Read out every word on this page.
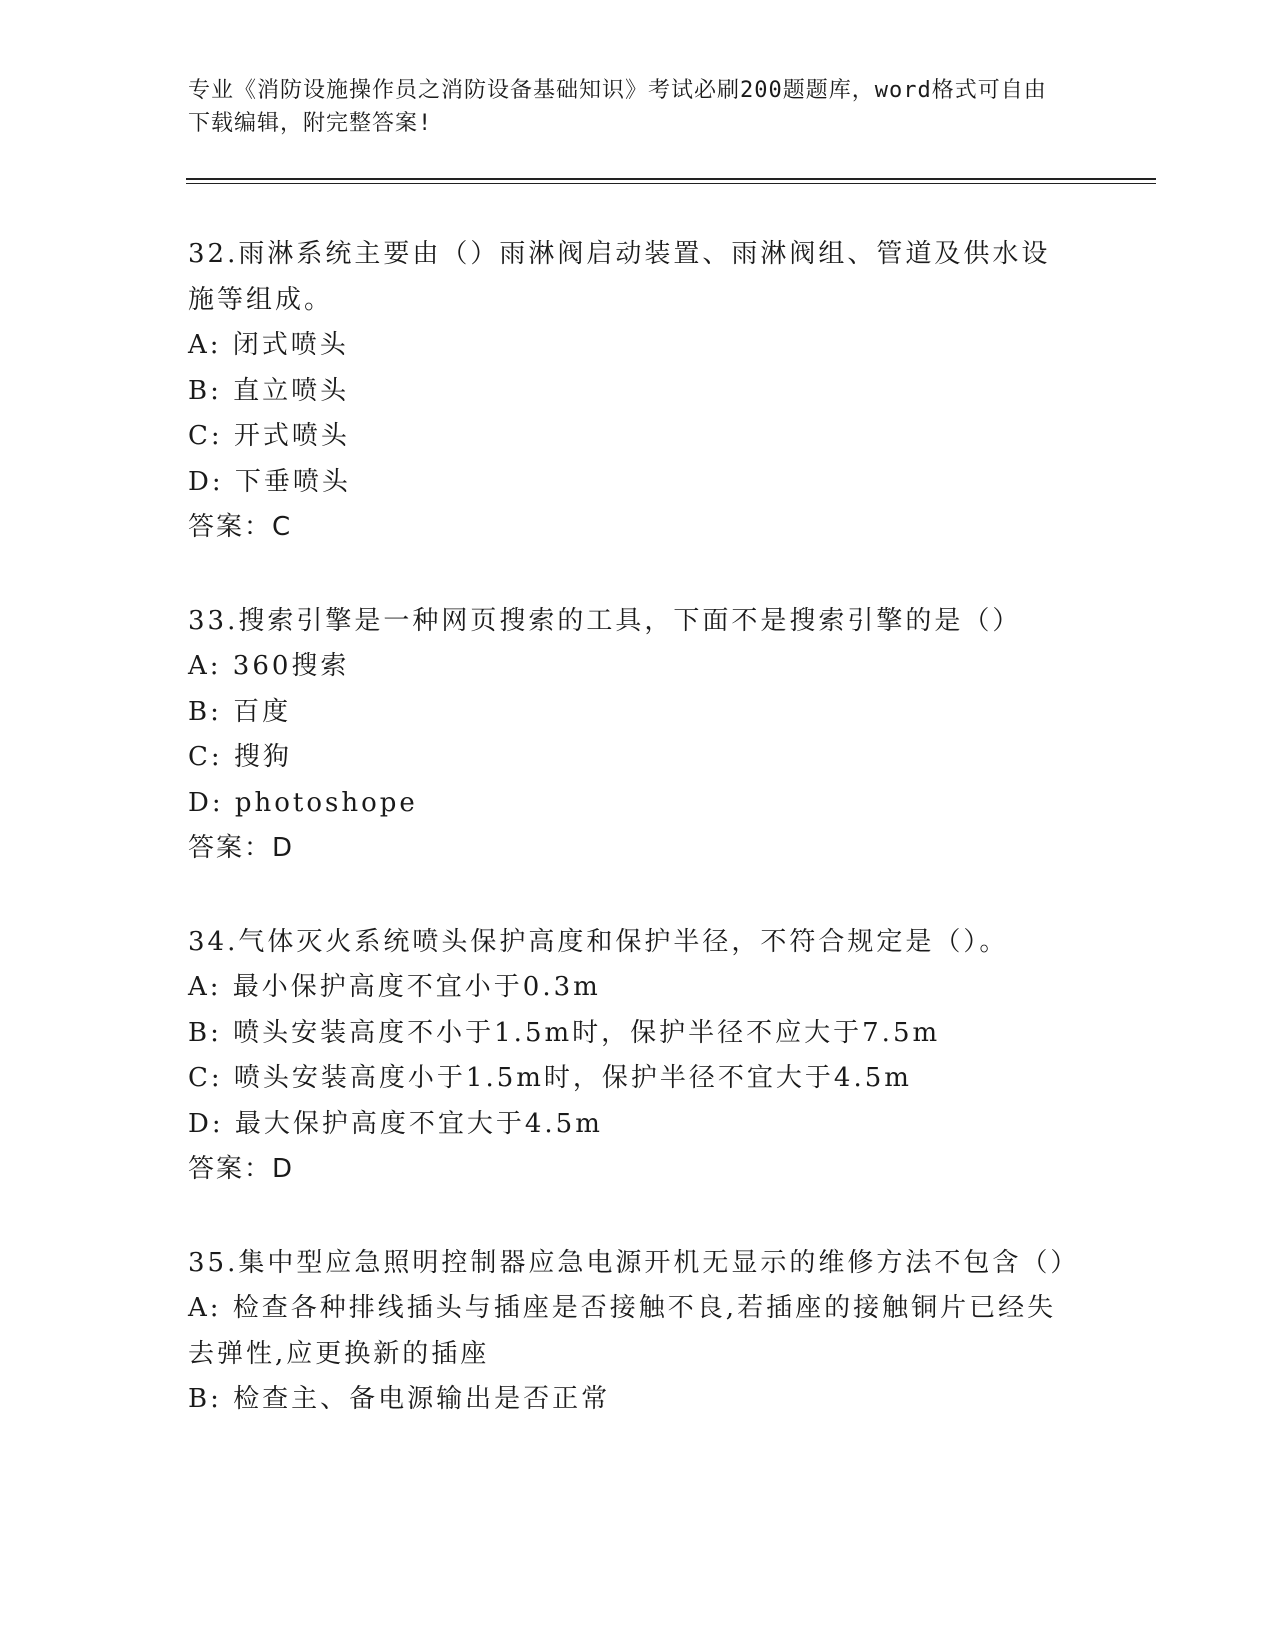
专业《消防设施操作员之消防设备基础知识》考试必刷200题题库，word格式可自由下载编辑，附完整答案!
32.雨淋系统主要由（）雨淋阀启动装置、雨淋阀组、管道及供水设施等组成。
A: 闭式喷头
B: 直立喷头
C: 开式喷头
D: 下垂喷头
答案：C
33.搜索引擎是一种网页搜索的工具，下面不是搜索引擎的是（）
A: 360搜索
B: 百度
C: 搜狗
D: photoshope
答案：D
34.气体灭火系统喷头保护高度和保护半径，不符合规定是（）。
A: 最小保护高度不宜小于0.3m
B: 喷头安装高度不小于1.5m时，保护半径不应大于7.5m
C: 喷头安装高度小于1.5m时，保护半径不宜大于4.5m
D: 最大保护高度不宜大于4.5m
答案：D
35.集中型应急照明控制器应急电源开机无显示的维修方法不包含（）
A: 检查各种排线插头与插座是否接触不良,若插座的接触铜片已经失去弹性,应更换新的插座
B: 检查主、备电源输出是否正常
